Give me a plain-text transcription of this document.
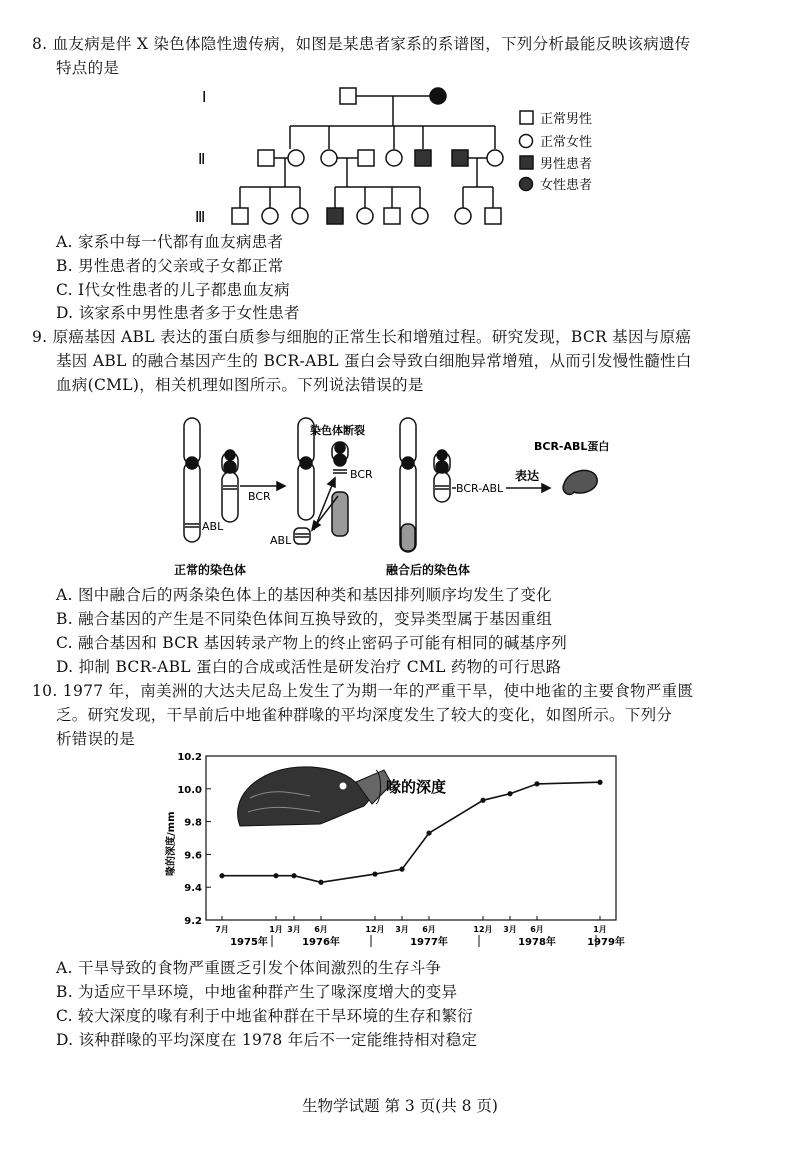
8. 血友病是伴 X 染色体隐性遗传病，如图是某患者家系的系谱图，下列分析最能反映该病遗传
特点的是
Ⅰ
Ⅱ
Ⅲ
正常男性
正常女性
男性患者
女性患者
A. 家系中每一代都有血友病患者
B. 男性患者的父亲或子女都正常
C. Ⅰ代女性患者的儿子都患血友病
D. 该家系中男性患者多于女性患者
9. 原癌基因 ABL 表达的蛋白质参与细胞的正常生长和增殖过程。研究发现，BCR 基因与原癌
基因 ABL 的融合基因产生的 BCR-ABL 蛋白会导致白细胞异常增殖，从而引发慢性髓性白
血病(CML)，相关机理如图所示。下列说法错误的是
ABL
BCR
染色体断裂
BCR
ABL
BCR-ABL
表达
BCR-ABL蛋白
正常的染色体	融合后的染色体
A. 图中融合后的两条染色体上的基因种类和基因排列顺序均发生了变化
B. 融合基因的产生是不同染色体间互换导致的，变异类型属于基因重组
C. 融合基因和 BCR 基因转录产物上的终止密码子可能有相同的碱基序列
D. 抑制 BCR-ABL 蛋白的合成或活性是研发治疗 CML 药物的可行思路
10. 1977 年，南美洲的大达夫尼岛上发生了为期一年的严重干旱，使中地雀的主要食物严重匮
乏。研究发现，干旱前后中地雀种群喙的平均深度发生了较大的变化，如图所示。下列分
析错误的是
喙的深度
喙的深度/mm
9.2
9.4
9.6
9.8
10.0
10.2
7月	1月 3月 6月	12月 3月 6月	12月 3月 6月	1月
1975年	1976年	1977年	1978年	1979年
A. 干旱导致的食物严重匮乏引发个体间激烈的生存斗争
B. 为适应干旱环境，中地雀种群产生了喙深度增大的变异
C. 较大深度的喙有利于中地雀种群在干旱环境的生存和繁衍
D. 该种群喙的平均深度在 1978 年后不一定能维持相对稳定
生物学试题 第 3 页(共 8 页)
